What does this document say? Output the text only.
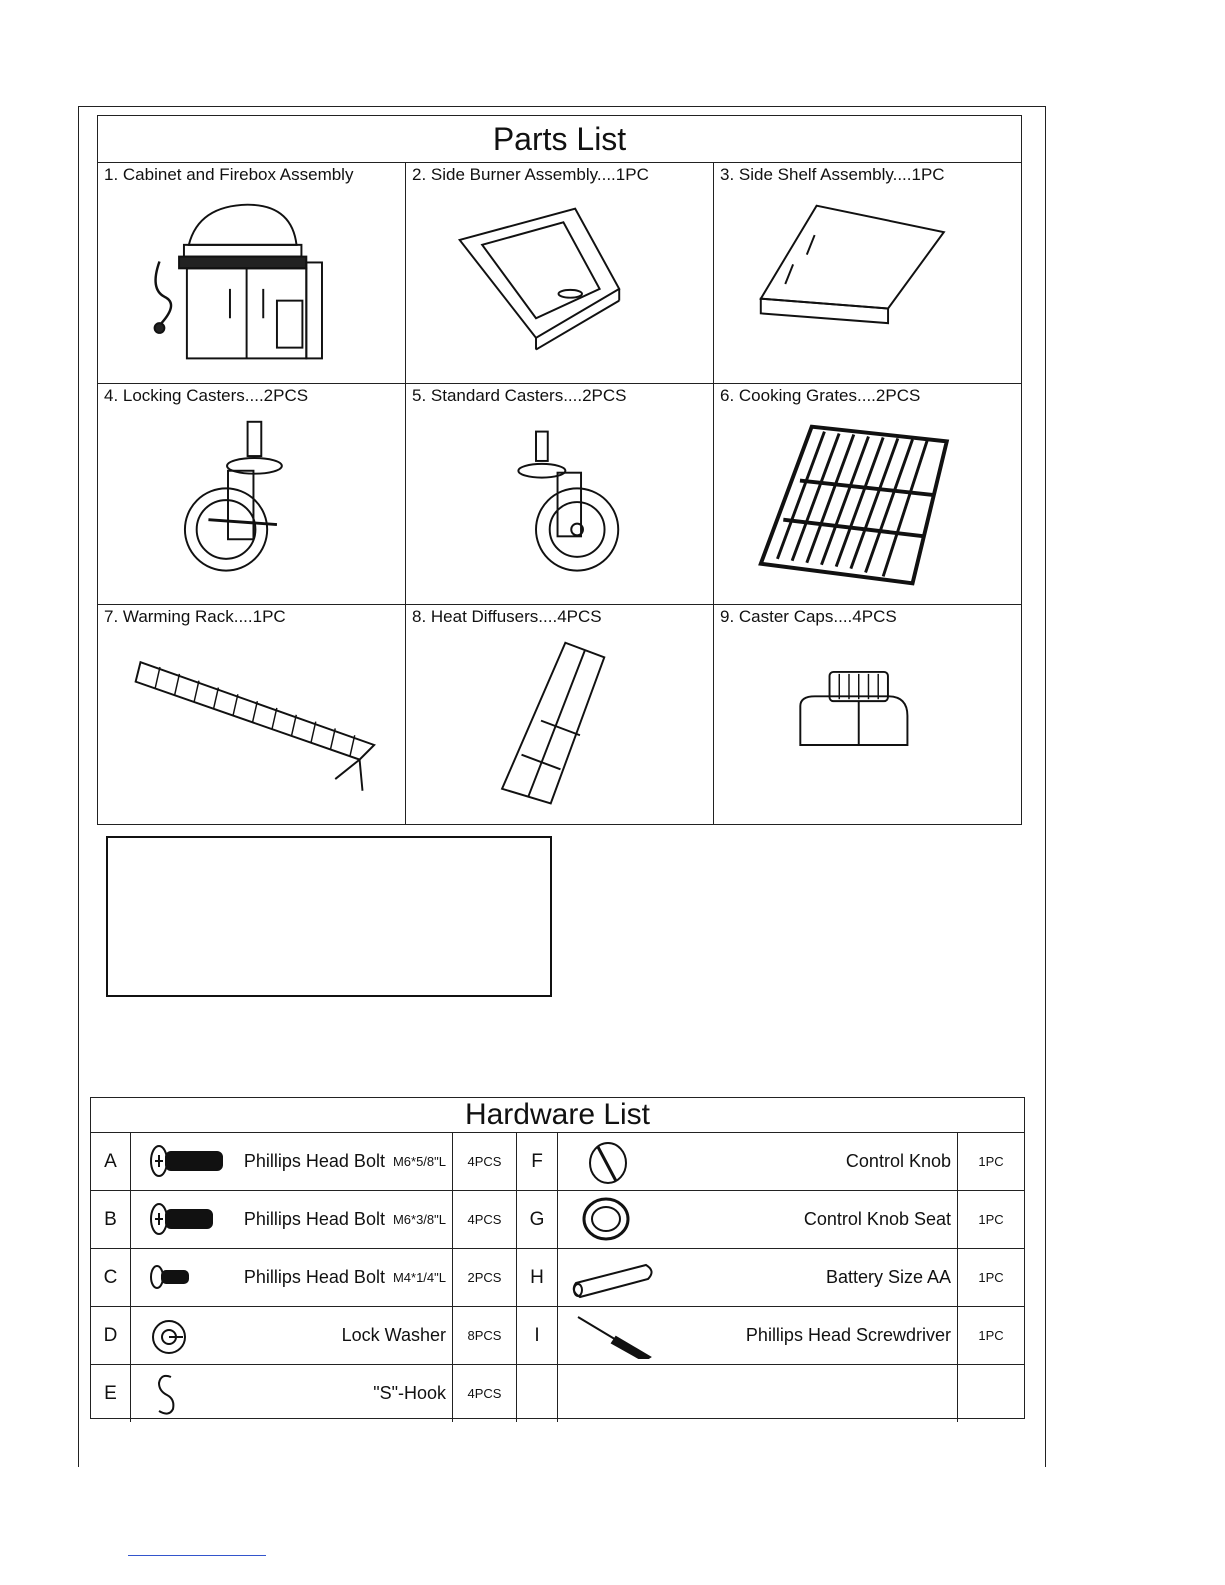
Parts List
1. Cabinet and Firebox Assembly	2. Side Burner Assembly....1PC	3. Side Shelf Assembly....1PC
4. Locking Casters....2PCS	5. Standard Casters....2PCS	6. Cooking Grates....2PCS
7. Warming Rack....1PC	8. Heat Diffusers....4PCS	9. Caster Caps....4PCS
Hardware List
A	Phillips Head Bolt M6*5/8"L	4PCS	F	Control Knob	1PC
B	Phillips Head Bolt M6*3/8"L	4PCS	G	Control Knob Seat	1PC
C	Phillips Head Bolt M4*1/4"L	2PCS	H	Battery Size AA	1PC
D	Lock Washer	8PCS	I	Phillips Head Screwdriver	1PC
E	"S"-Hook	4PCS
